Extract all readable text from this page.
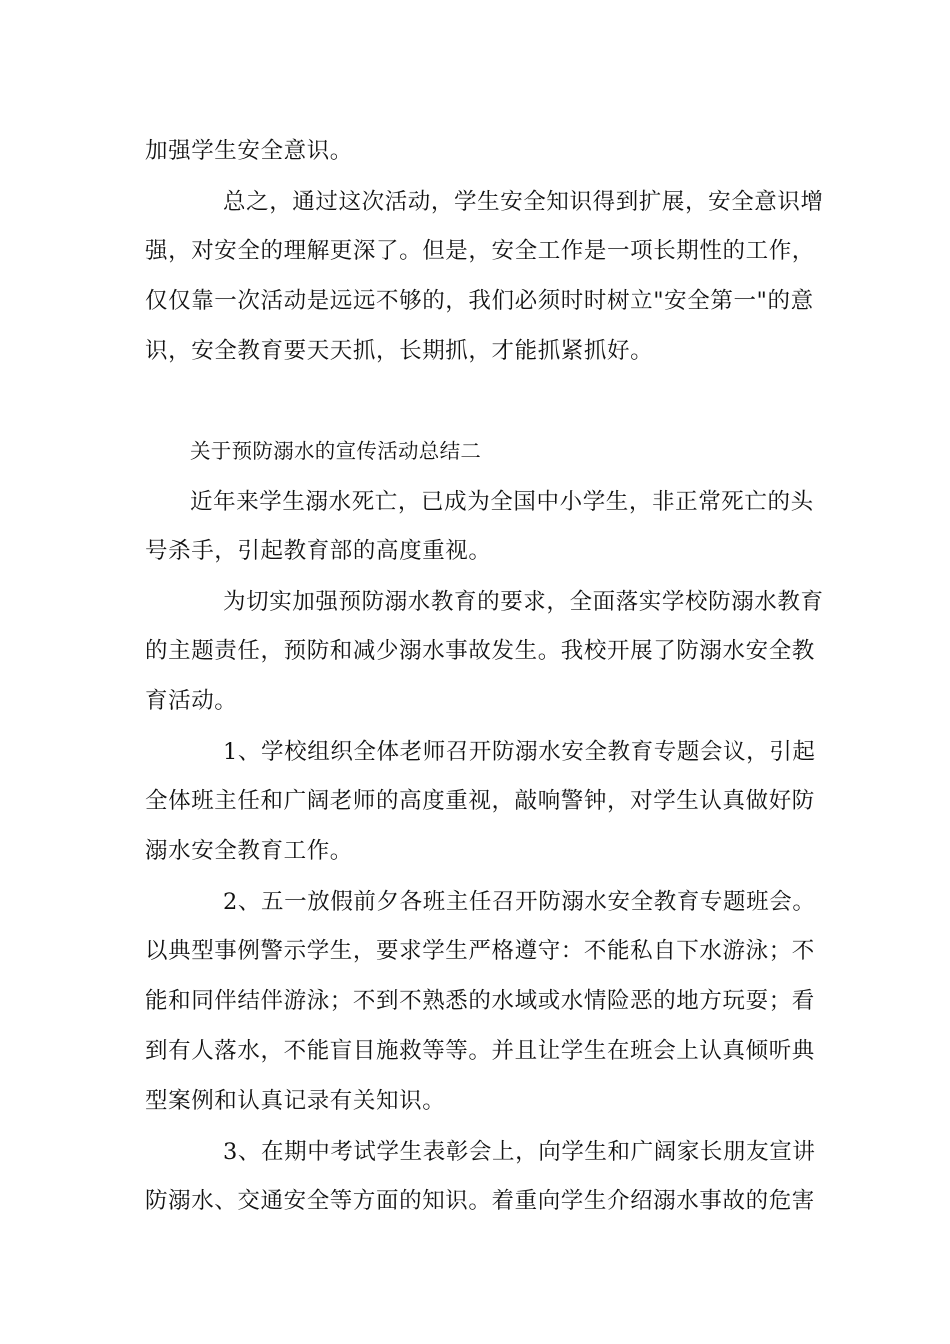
加强学生安全意识。
总之，通过这次活动，学生安全知识得到扩展，安全意识增
强，对安全的理解更深了。但是，安全工作是一项长期性的工作，
仅仅靠一次活动是远远不够的，我们必须时时树立"安全第一"的意
识，安全教育要天天抓，长期抓，才能抓紧抓好。
关于预防溺水的宣传活动总结二
近年来学生溺水死亡，已成为全国中小学生，非正常死亡的头
号杀手，引起教育部的高度重视。
为切实加强预防溺水教育的要求，全面落实学校防溺水教育
的主题责任，预防和减少溺水事故发生。我校开展了防溺水安全教
育活动。
1、学校组织全体老师召开防溺水安全教育专题会议，引起
全体班主任和广阔老师的高度重视，敲响警钟，对学生认真做好防
溺水安全教育工作。
2、五一放假前夕各班主任召开防溺水安全教育专题班会。
以典型事例警示学生，要求学生严格遵守：不能私自下水游泳；不
能和同伴结伴游泳；不到不熟悉的水域或水情险恶的地方玩耍；看
到有人落水，不能盲目施救等等。并且让学生在班会上认真倾听典
型案例和认真记录有关知识。
3、在期中考试学生表彰会上，向学生和广阔家长朋友宣讲
防溺水、交通安全等方面的知识。着重向学生介绍溺水事故的危害
